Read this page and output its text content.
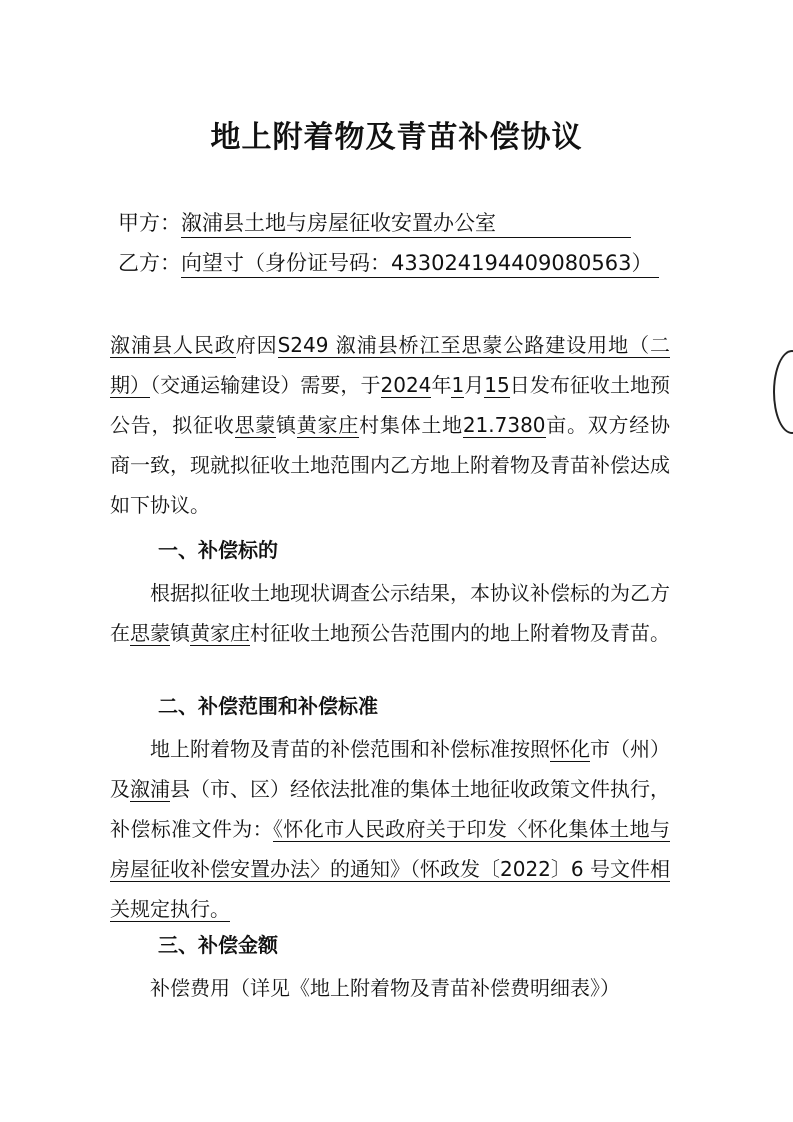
地上附着物及青苗补偿协议
甲方：溆浦县土地与房屋征收安置办公室
乙方：向望寸（身份证号码：433024194409080563）

溆浦县人民政府因S249 溆浦县桥江至思蒙公路建设用地（二期）（交通运输建设）需要，于2024年1月15日发布征收土地预公告，拟征收思蒙镇黄家庄村集体土地21.7380亩。双方经协商一致，现就拟征收土地范围内乙方地上附着物及青苗补偿达成如下协议。

一、补偿标的

根据拟征收土地现状调查公示结果，本协议补偿标的为乙方在思蒙镇黄家庄村征收土地预公告范围内的地上附着物及青苗。

二、补偿范围和补偿标准

地上附着物及青苗的补偿范围和补偿标准按照怀化市（州）及溆浦县（市、区）经依法批准的集体土地征收政策文件执行，补偿标准文件为：《怀化市人民政府关于印发〈怀化集体土地与房屋征收补偿安置办法〉的通知》（怀政发〔2022〕6 号文件相关规定执行。

三、补偿金额

补偿费用（详见《地上附着物及青苗补偿费明细表》）
